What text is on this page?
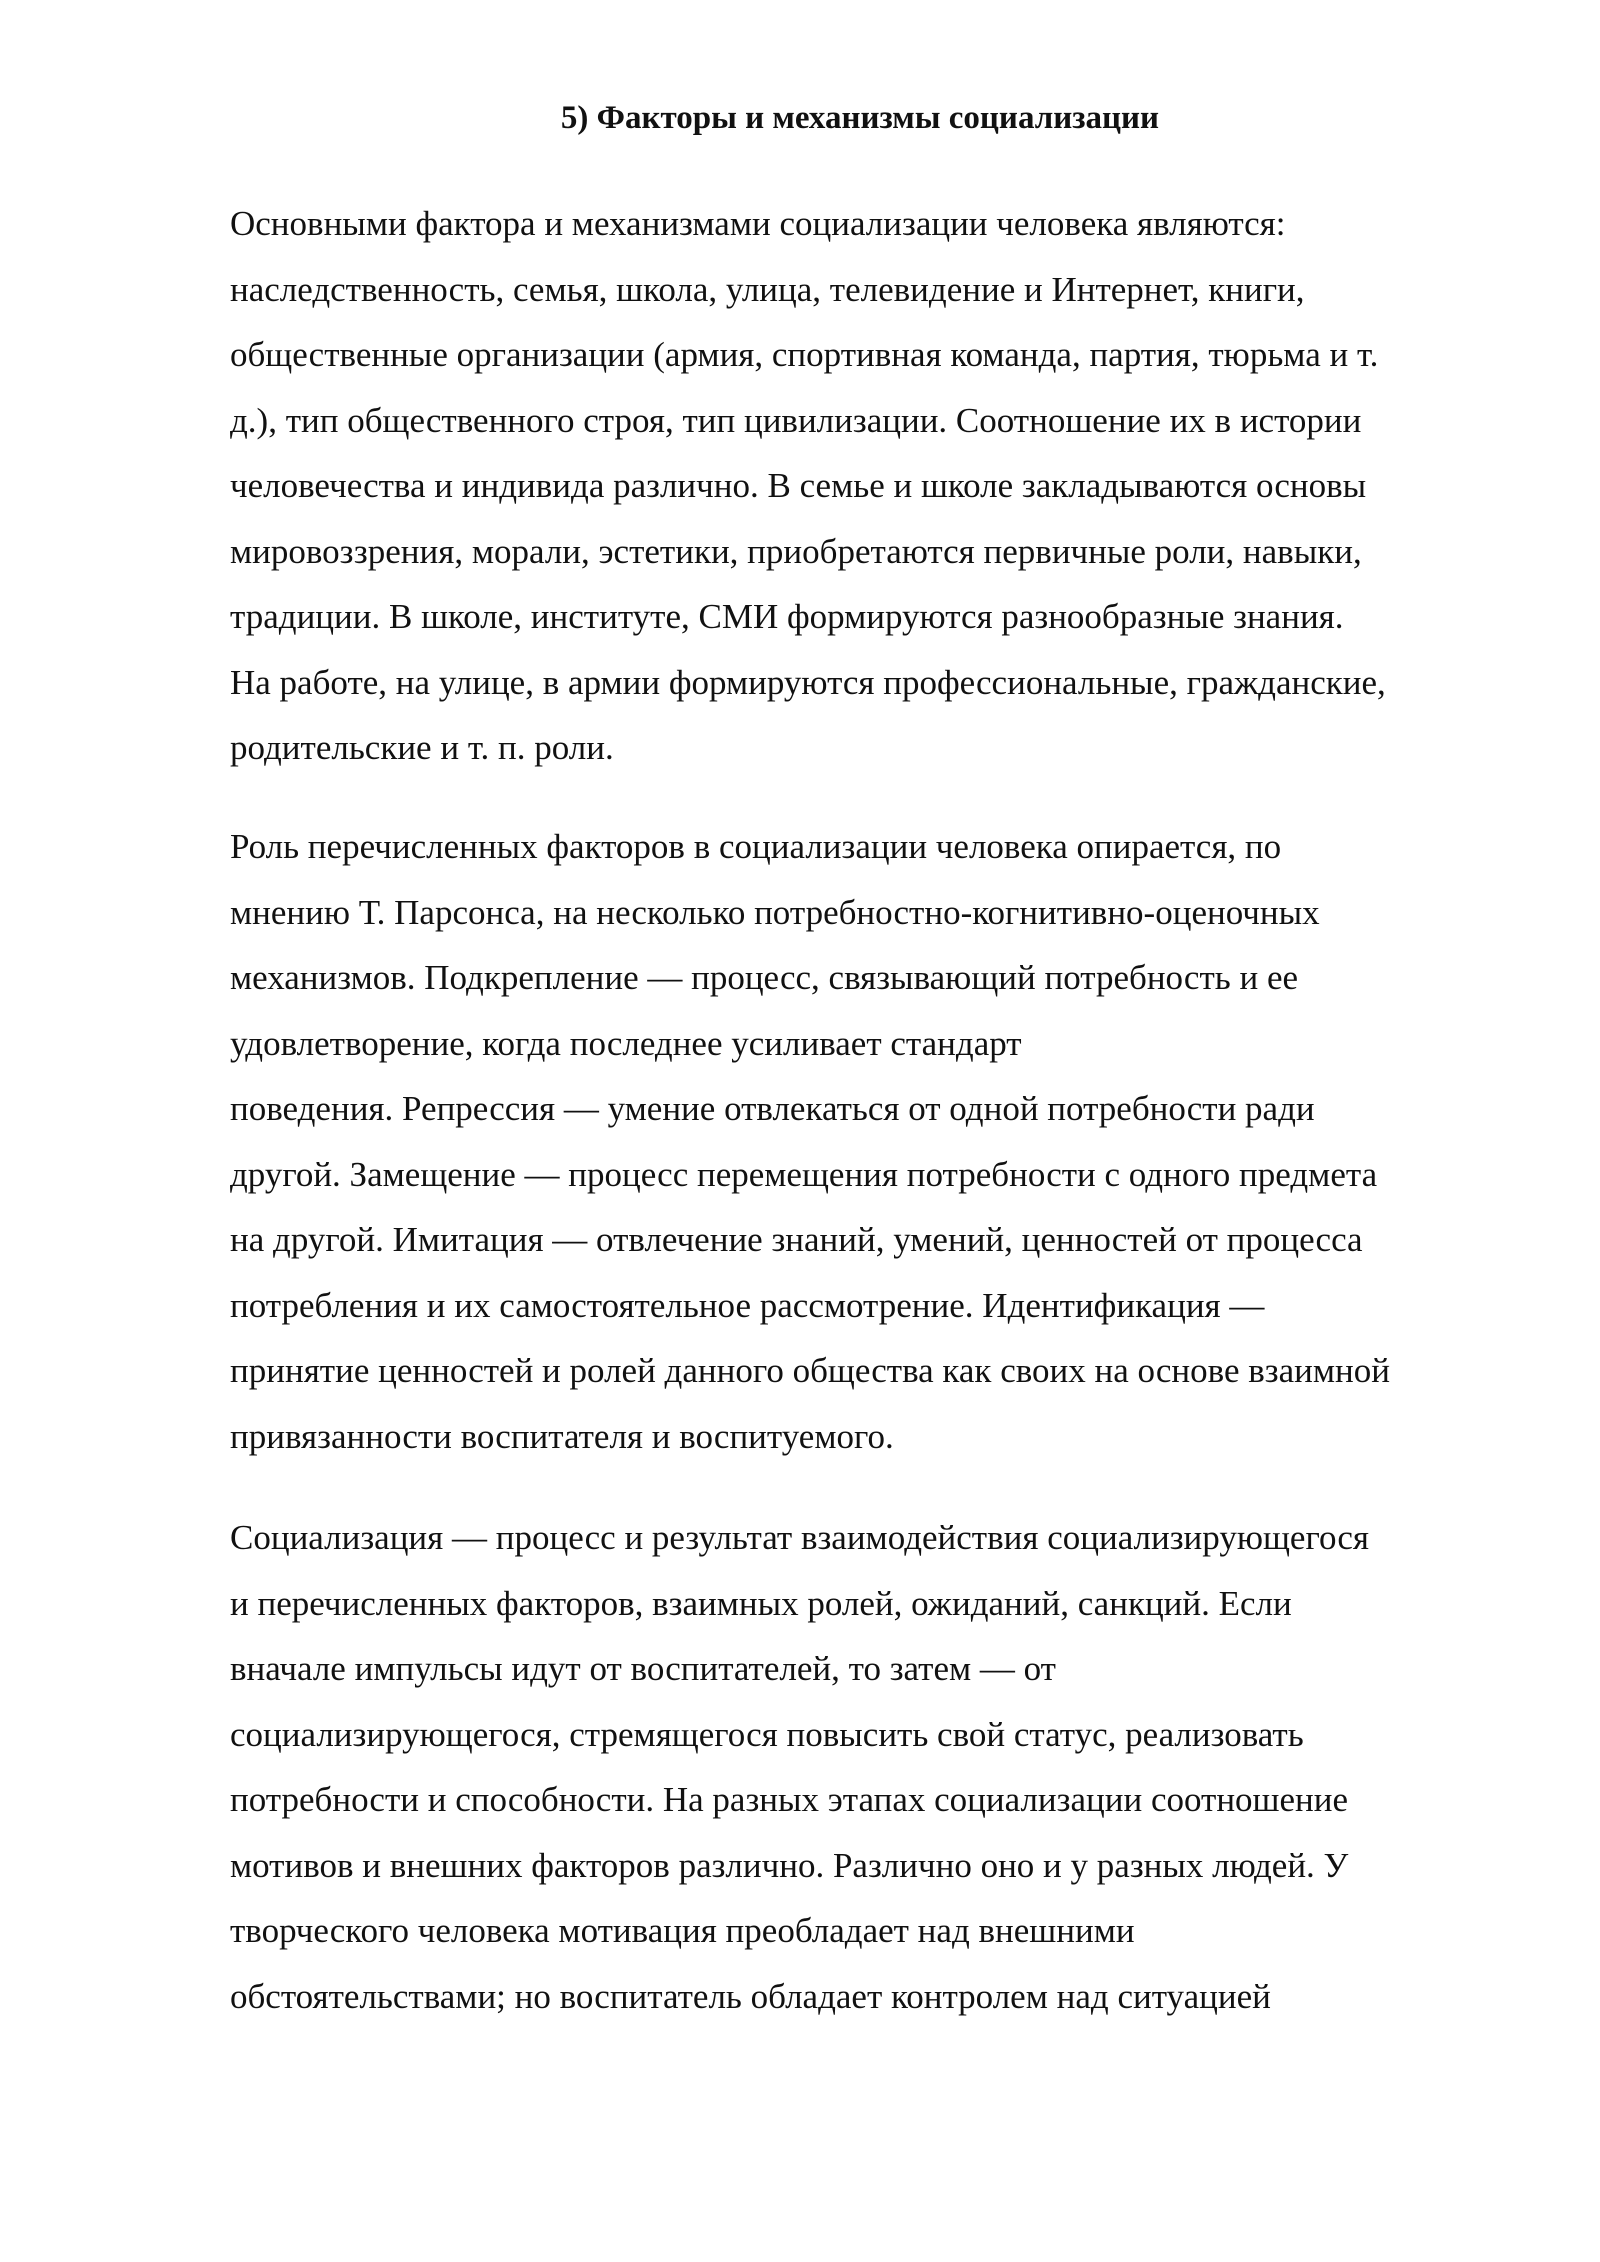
5) Факторы и механизмы социализации
Основными фактора и механизмами социализации человека являются:
наследственность, семья, школа, улица, телевидение и Интернет, книги,
общественные организации (армия, спортивная команда, партия, тюрьма и т.
д.), тип общественного строя, тип цивилизации. Соотношение их в истории
человечества и индивида различно. В семье и школе закладываются основы
мировоззрения, морали, эстетики, приобретаются первичные роли, навыки,
традиции. В школе, институте, СМИ формируются разнообразные знания.
На работе, на улице, в армии формируются профессиональные, гражданские,
родительские и т. п. роли.
Роль перечисленных факторов в социализации человека опирается, по
мнению Т. Парсонса, на несколько потребностно-когнитивно-оценочных
механизмов. Подкрепление — процесс, связывающий потребность и ее
удовлетворение, когда последнее усиливает стандарт
поведения. Репрессия — умение отвлекаться от одной потребности ради
другой. Замещение — процесс перемещения потребности с одного предмета
на другой. Имитация — отвлечение знаний, умений, ценностей от процесса
потребления и их самостоятельное рассмотрение. Идентификация —
принятие ценностей и ролей данного общества как своих на основе взаимной
привязанности воспитателя и воспитуемого.
Социализация — процесс и результат взаимодействия социализирующегося
и перечисленных факторов, взаимных ролей, ожиданий, санкций. Если
вначале импульсы идут от воспитателей, то затем — от
социализирующегося, стремящегося повысить свой статус, реализовать
потребности и способности. На разных этапах социализации соотношение
мотивов и внешних факторов различно. Различно оно и у разных людей. У
творческого человека мотивация преобладает над внешними
обстоятельствами; но воспитатель обладает контролем над ситуацией
